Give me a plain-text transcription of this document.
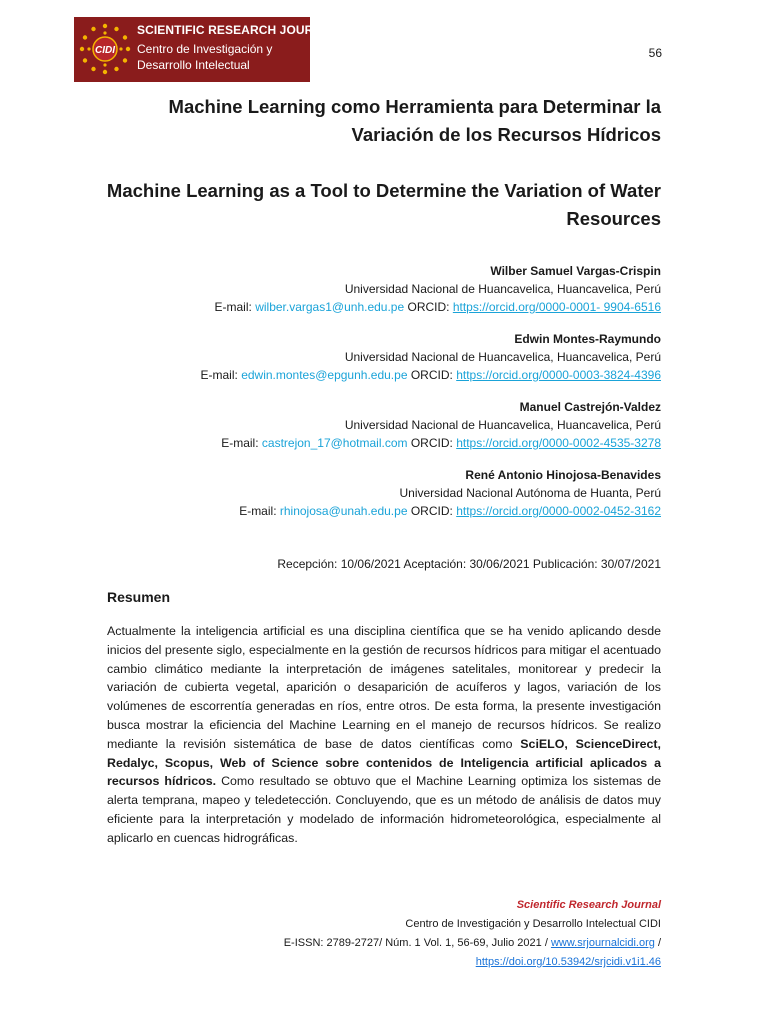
CIDI
SCIENTIFIC RESEARCH JOURNAL
Centro de Investigación y
Desarrollo Intelectual
56
Machine Learning como Herramienta para Determinar la Variación de los Recursos Hídricos
Machine Learning as a Tool to Determine the Variation of Water Resources
Wilber Samuel Vargas-Crispin
Universidad Nacional de Huancavelica, Huancavelica, Perú
E-mail: wilber.vargas1@unh.edu.pe ORCID: https://orcid.org/0000-0001- 9904-6516
Edwin Montes-Raymundo
Universidad Nacional de Huancavelica, Huancavelica, Perú
E-mail: edwin.montes@epgunh.edu.pe ORCID: https://orcid.org/0000-0003-3824-4396
Manuel Castrejón-Valdez
Universidad Nacional de Huancavelica, Huancavelica, Perú
E-mail: castrejon_17@hotmail.com ORCID: https://orcid.org/0000-0002-4535-3278
René Antonio Hinojosa-Benavides
Universidad Nacional Autónoma de Huanta, Perú
E-mail: rhinojosa@unah.edu.pe ORCID: https://orcid.org/0000-0002-0452-3162
Recepción: 10/06/2021 Aceptación: 30/06/2021 Publicación: 30/07/2021
Resumen
Actualmente la inteligencia artificial es una disciplina científica que se ha venido aplicando desde inicios del presente siglo, especialmente en la gestión de recursos hídricos para mitigar el acentuado cambio climático mediante la interpretación de imágenes satelitales, monitorear y predecir la variación de cubierta vegetal, aparición o desaparición de acuíferos y lagos, variación de los volúmenes de escorrentía generadas en ríos, entre otros. De esta forma, la presente investigación busca mostrar la eficiencia del Machine Learning en el manejo de recursos hídricos. Se realizo mediante la revisión sistemática de base de datos científicas como SciELO, ScienceDirect, Redalyc, Scopus, Web of Science sobre contenidos de Inteligencia artificial aplicados a recursos hídricos. Como resultado se obtuvo que el Machine Learning optimiza los sistemas de alerta temprana, mapeo y teledetección. Concluyendo, que es un método de análisis de datos muy eficiente para la interpretación y modelado de información hidrometeorológica, especialmente al aplicarlo en cuencas hidrográficas.
Scientific Research Journal
Centro de Investigación y Desarrollo Intelectual CIDI
E-ISSN: 2789-2727/ Núm. 1 Vol. 1, 56-69, Julio 2021 / www.srjournalcidi.org /
https://doi.org/10.53942/srjcidi.v1i1.46
